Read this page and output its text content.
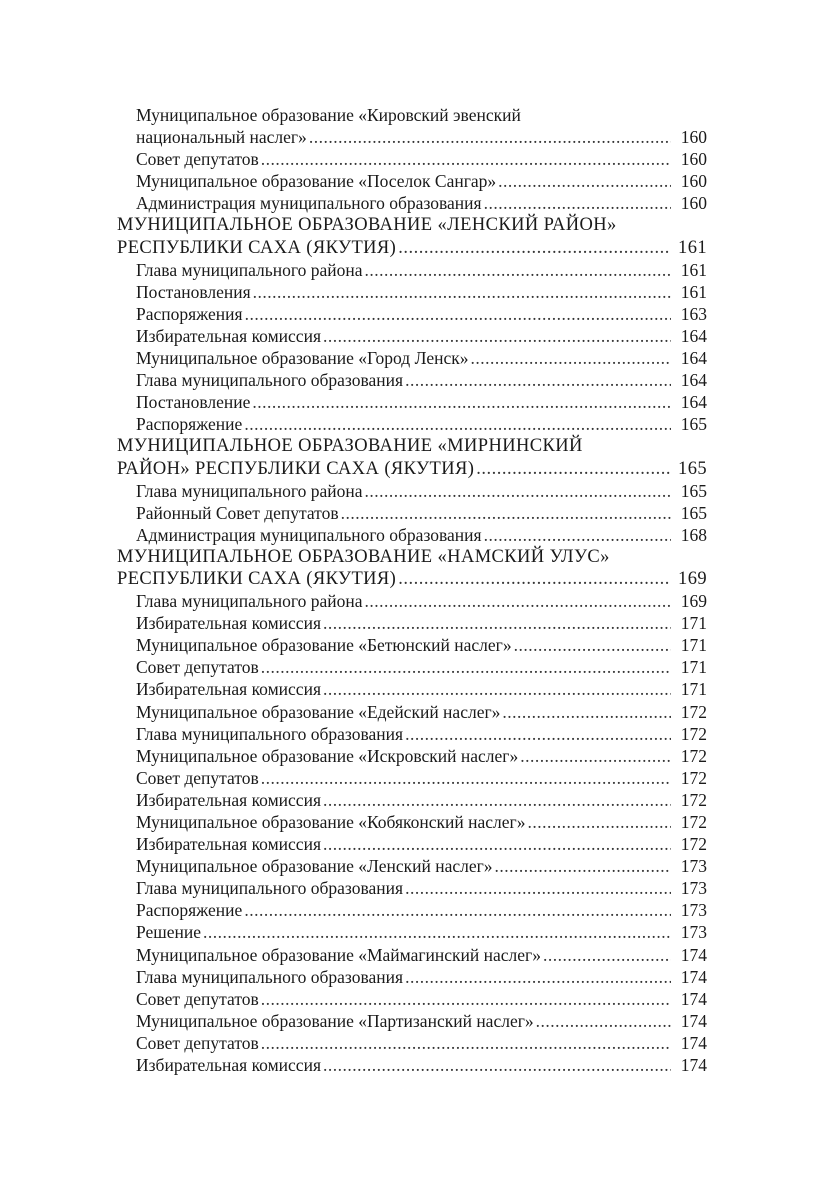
Муниципальное образование «Кировский эвенский
национальный наслег» .....	160
Совет депутатов .....	160
Муниципальное образование «Поселок Сангар» .....	160
Администрация муниципального образования .....	160
МУНИЦИПАЛЬНОЕ ОБРАЗОВАНИЕ «ЛЕНСКИЙ РАЙОН»
РЕСПУБЛИКИ САХА (ЯКУТИЯ) .....	161
Глава муниципального района .....	161
Постановления .....	161
Распоряжения .....	163
Избирательная комиссия .....	164
Муниципальное образование «Город Ленск» .....	164
Глава муниципального образования .....	164
Постановление .....	164
Распоряжение .....	165
МУНИЦИПАЛЬНОЕ ОБРАЗОВАНИЕ «МИРНИНСКИЙ
РАЙОН» РЕСПУБЛИКИ САХА (ЯКУТИЯ) .....	165
Глава муниципального района .....	165
Районный Совет депутатов .....	165
Администрация муниципального образования .....	168
МУНИЦИПАЛЬНОЕ ОБРАЗОВАНИЕ «НАМСКИЙ УЛУС»
РЕСПУБЛИКИ САХА (ЯКУТИЯ) .....	169
Глава муниципального района .....	169
Избирательная комиссия .....	171
Муниципальное образование «Бетюнский наслег» .....	171
Совет депутатов .....	171
Избирательная комиссия .....	171
Муниципальное образование «Едейский наслег» .....	172
Глава муниципального образования .....	172
Муниципальное образование «Искровский наслег» .....	172
Совет депутатов .....	172
Избирательная комиссия .....	172
Муниципальное образование «Кобяконский наслег» .....	172
Избирательная комиссия .....	172
Муниципальное образование «Ленский наслег» .....	173
Глава муниципального образования .....	173
Распоряжение .....	173
Решение .....	173
Муниципальное образование «Маймагинский наслег» .....	174
Глава муниципального образования .....	174
Совет депутатов .....	174
Муниципальное образование «Партизанский наслег» .....	174
Совет депутатов .....	174
Избирательная комиссия .....	174
